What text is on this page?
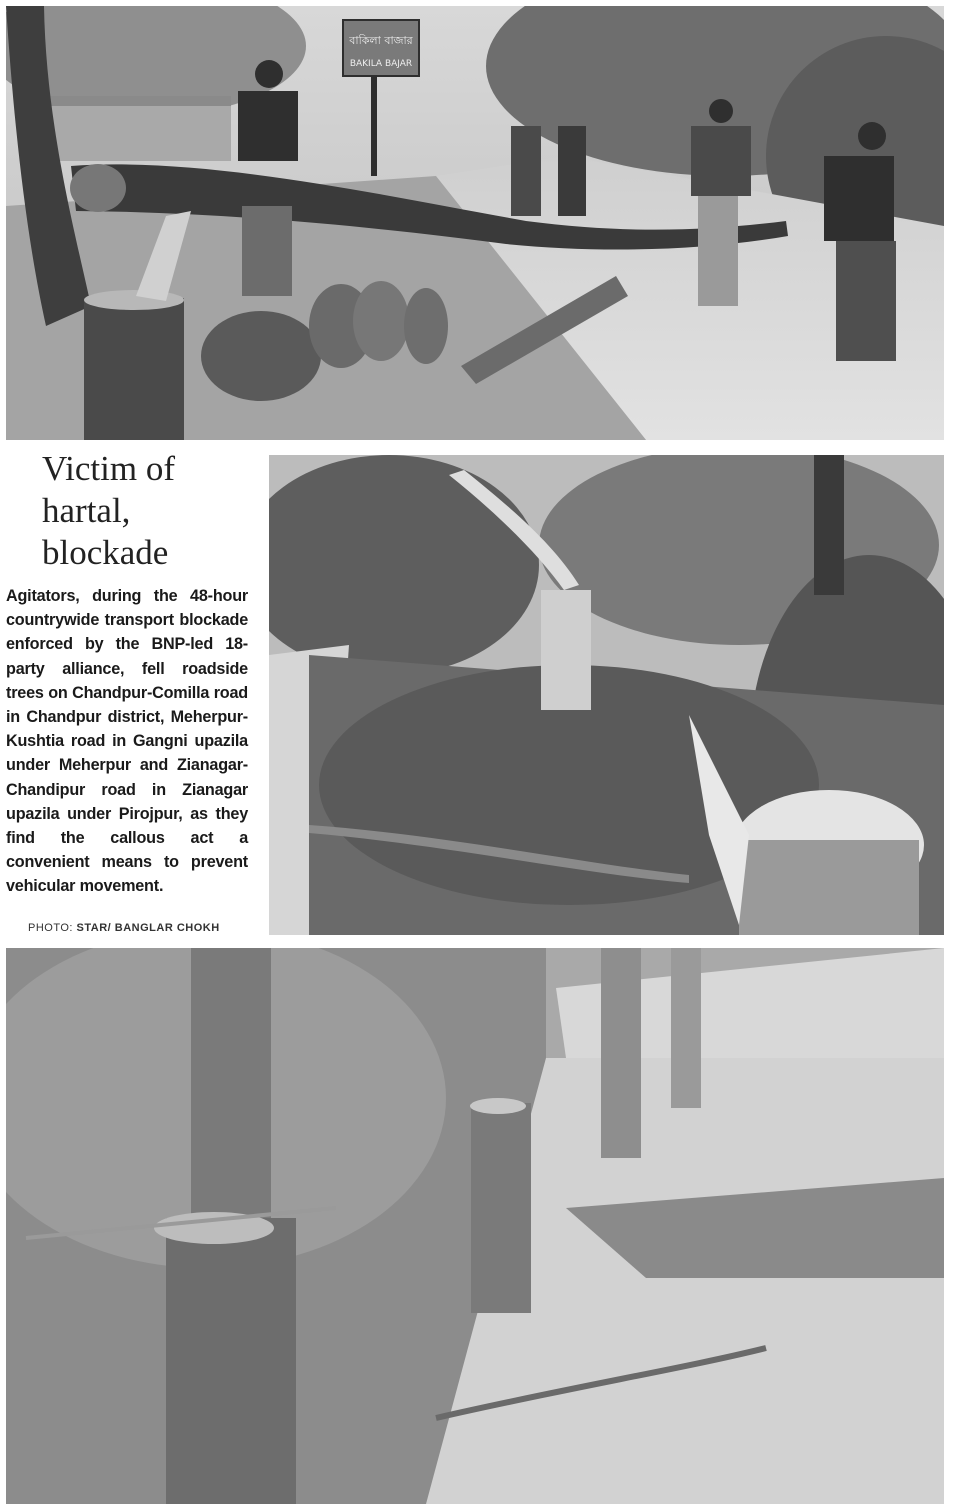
বাকিলা বাজার
BAKILA BAJAR
Victim of
hartal,
blockade

Agitators, during the 48-hour countrywide transport blockade enforced by the BNP-led 18-party alliance, fell roadside trees on Chandpur-Comilla road in Chandpur district, Meherpur-Kushtia road in Gangni upazila under Meherpur and Zianagar-Chandipur road in Zianagar upazila under Pirojpur, as they find the callous act a convenient means to prevent vehicular movement.

PHOTO: STAR/ BANGLAR CHOKH
